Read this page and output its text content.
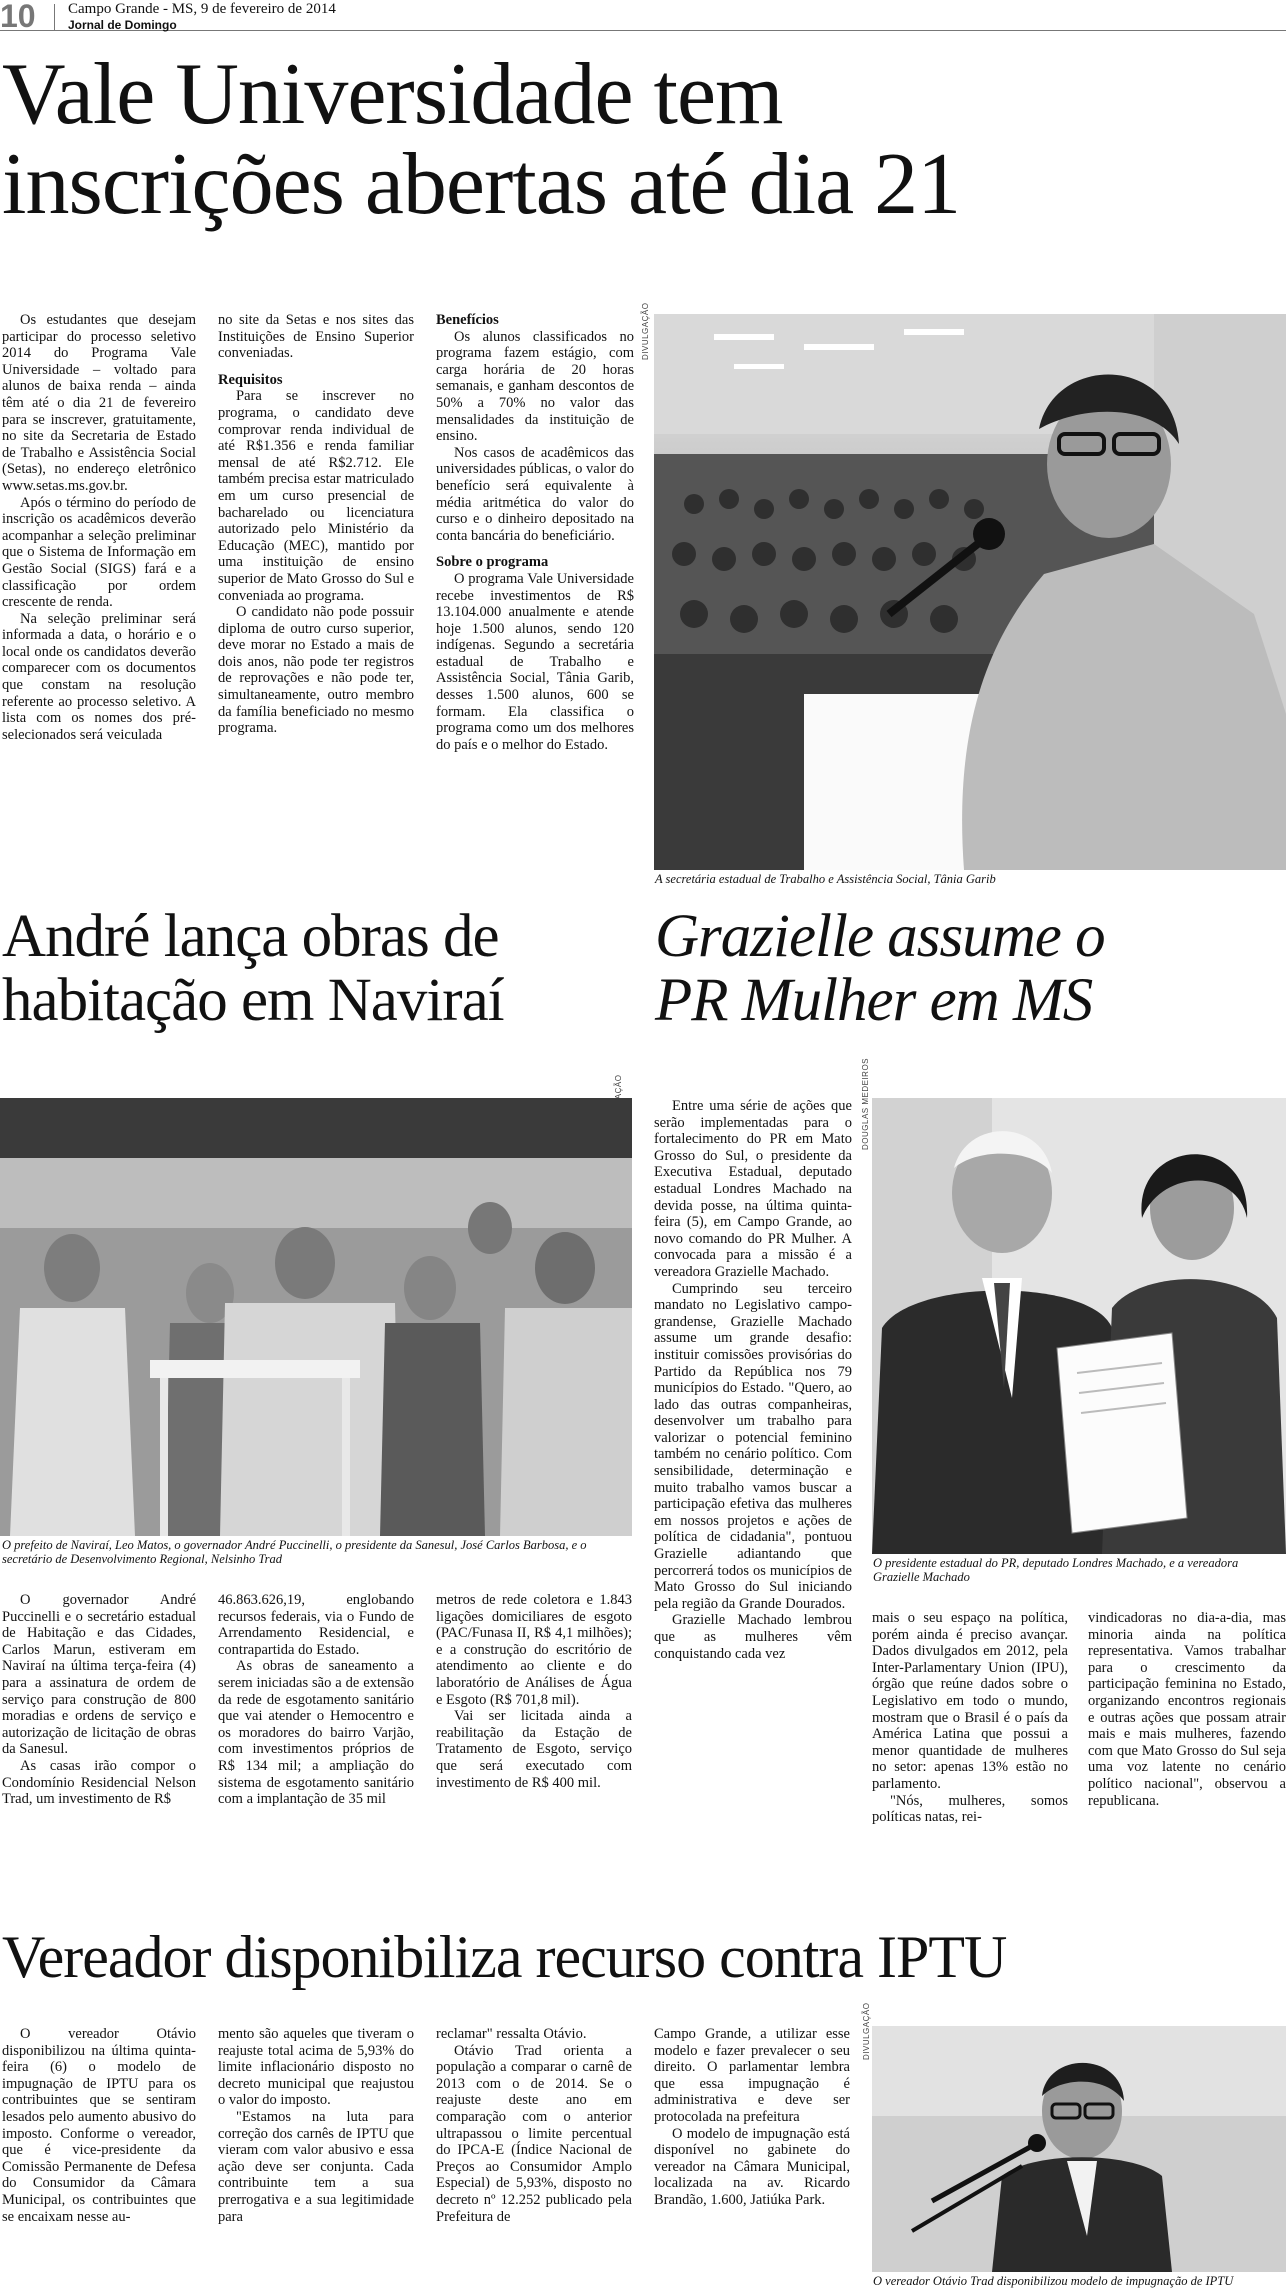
10 Campo Grande - MS, 9 de fevereiro de 2014
Jornal de Domingo
Vale Universidade tem
inscrições abertas até dia 21

Os estudantes que desejam participar do processo seletivo 2014 do Programa Vale Universidade – voltado para alunos de baixa renda – ainda têm até o dia 21 de fevereiro para se inscrever, gratuitamente, no site da Secretaria de Estado de Trabalho e Assistência Social (Setas), no endereço eletrônico www.setas.ms.gov.br.

Após o término do período de inscrição os acadêmicos deverão acompanhar a seleção preliminar que o Sistema de Informação em Gestão Social (SIGS) fará e a classificação por ordem crescente de renda.

Na seleção preliminar será informada a data, o horário e o local onde os candidatos deverão comparecer com os documentos que constam na resolução referente ao processo seletivo. A lista com os nomes dos pré-selecionados será veiculada

no site da Setas e nos sites das Instituições de Ensino Superior conveniadas.

Requisitos

Para se inscrever no programa, o candidato deve comprovar renda individual de até R$1.356 e renda familiar mensal de até R$2.712. Ele também precisa estar matriculado em um curso presencial de bacharelado ou licenciatura autorizado pelo Ministério da Educação (MEC), mantido por uma instituição de ensino superior de Mato Grosso do Sul e conveniada ao programa.

O candidato não pode possuir diploma de outro curso superior, deve morar no Estado a mais de dois anos, não pode ter registros de reprovações e não pode ter, simultaneamente, outro membro da família beneficiado no mesmo programa.

Benefícios

Os alunos classificados no programa fazem estágio, com carga horária de 20 horas semanais, e ganham descontos de 50% a 70% no valor das mensalidades da instituição de ensino.

Nos casos de acadêmicos das universidades públicas, o valor do benefício será equivalente à média aritmética do valor do curso e o dinheiro depositado na conta bancária do beneficiário.

Sobre o programa

O programa Vale Universidade recebe investimentos de R$ 13.104.000 anualmente e atende hoje 1.500 alunos, sendo 120 indígenas. Segundo a secretária estadual de Trabalho e Assistência Social, Tânia Garib, desses 1.500 alunos, 600 se formam. Ela classifica o programa como um dos melhores do país e o melhor do Estado.

DIVULGAÇÃO
A secretária estadual de Trabalho e Assistência Social, Tânia Garib
André lança obras de
habitação em Naviraí
Grazielle assume o
PR Mulher em MS
O prefeito de Naviraí, Leo Matos, o governador André Puccinelli, o presidente da Sanesul, José Carlos Barbosa, e o secretário de Desenvolvimento Regional, Nelsinho Trad

O governador André Puccinelli e o secretário estadual de Habitação e das Cidades, Carlos Marun, estiveram em Naviraí na última terça-feira (4) para a assinatura de ordem de serviço para construção de 800 moradias e ordens de serviço e autorização de licitação de obras da Sanesul.

As casas irão compor o Condomínio Residencial Nelson Trad, um investimento de R$

46.863.626,19, englobando recursos federais, via o Fundo de Arrendamento Residencial, e contrapartida do Estado.

As obras de saneamento a serem iniciadas são a de extensão da rede de esgotamento sanitário que vai atender o Hemocentro e os moradores do bairro Varjão, com investimentos próprios de R$ 134 mil; a ampliação do sistema de esgotamento sanitário com a implantação de 35 mil

metros de rede coletora e 1.843 ligações domiciliares de esgoto (PAC/Funasa II, R$ 4,1 milhões); e a construção do escritório de atendimento ao cliente e do laboratório de Análises de Água e Esgoto (R$ 701,8 mil).

Vai ser licitada ainda a reabilitação da Estação de Tratamento de Esgoto, serviço que será executado com investimento de R$ 400 mil.

Entre uma série de ações que serão implementadas para o fortalecimento do PR em Mato Grosso do Sul, o presidente da Executiva Estadual, deputado estadual Londres Machado na devida posse, na última quinta-feira (5), em Campo Grande, ao novo comando do PR Mulher. A convocada para a missão é a vereadora Grazielle Machado.

Cumprindo seu terceiro mandato no Legislativo campo-grandense, Grazielle Machado assume um grande desafio: instituir comissões provisórias do Partido da República nos 79 municípios do Estado. "Quero, ao lado das outras companheiras, desenvolver um trabalho para valorizar o potencial feminino também no cenário político. Com sensibilidade, determinação e muito trabalho vamos buscar a participação efetiva das mulheres em nossos projetos e ações de política de cidadania", pontuou Grazielle adiantando que percorrerá todos os municípios de Mato Grosso do Sul iniciando pela região da Grande Dourados.

Grazielle Machado lembrou que as mulheres vêm conquistando cada vez

DOUGLAS MEDEIROS
O presidente estadual do PR, deputado Londres Machado, e a vereadora Grazielle Machado

mais o seu espaço na política, porém ainda é preciso avançar. Dados divulgados em 2012, pela Inter-Parlamentary Union (IPU), órgão que reúne dados sobre o Legislativo em todo o mundo, mostram que o Brasil é o país da América Latina que possui a menor quantidade de mulheres no setor: apenas 13% estão no parlamento.

"Nós, mulheres, somos políticas natas, rei-

vindicadoras no dia-a-dia, mas minoria ainda na política representativa. Vamos trabalhar para o crescimento da participação feminina no Estado, organizando encontros regionais e outras ações que possam atrair mais e mais mulheres, fazendo com que Mato Grosso do Sul seja uma voz latente no cenário político nacional", observou a republicana.

Vereador disponibiliza recurso contra IPTU

O vereador Otávio disponibilizou na última quinta-feira (6) o modelo de impugnação de IPTU para os contribuintes que se sentiram lesados pelo aumento abusivo do imposto. Conforme o vereador, que é vice-presidente da Comissão Permanente de Defesa do Consumidor da Câmara Municipal, os contribuintes que se encaixam nesse au-

mento são aqueles que tiveram o reajuste total acima de 5,93% do limite inflacionário disposto no decreto municipal que reajustou o valor do imposto.

"Estamos na luta para correção dos carnês de IPTU que vieram com valor abusivo e essa ação deve ser conjunta. Cada contribuinte tem a sua prerrogativa e a sua legitimidade para

reclamar" ressalta Otávio.

Otávio Trad orienta a população a comparar o carnê de 2013 com o de 2014. Se o reajuste deste ano em comparação com o anterior ultrapassou o limite percentual do IPCA-E (Índice Nacional de Preços ao Consumidor Amplo Especial) de 5,93%, disposto no decreto nº 12.252 publicado pela Prefeitura de

Campo Grande, a utilizar esse modelo e fazer prevalecer o seu direito. O parlamentar lembra que essa impugnação é administrativa e deve ser protocolada na prefeitura

O modelo de impugnação está disponível no gabinete do vereador na Câmara Municipal, localizada na av. Ricardo Brandão, 1.600, Jatiúka Park.

DIVULGAÇÃO
O vereador Otávio Trad disponibilizou modelo de impugnação de IPTU
